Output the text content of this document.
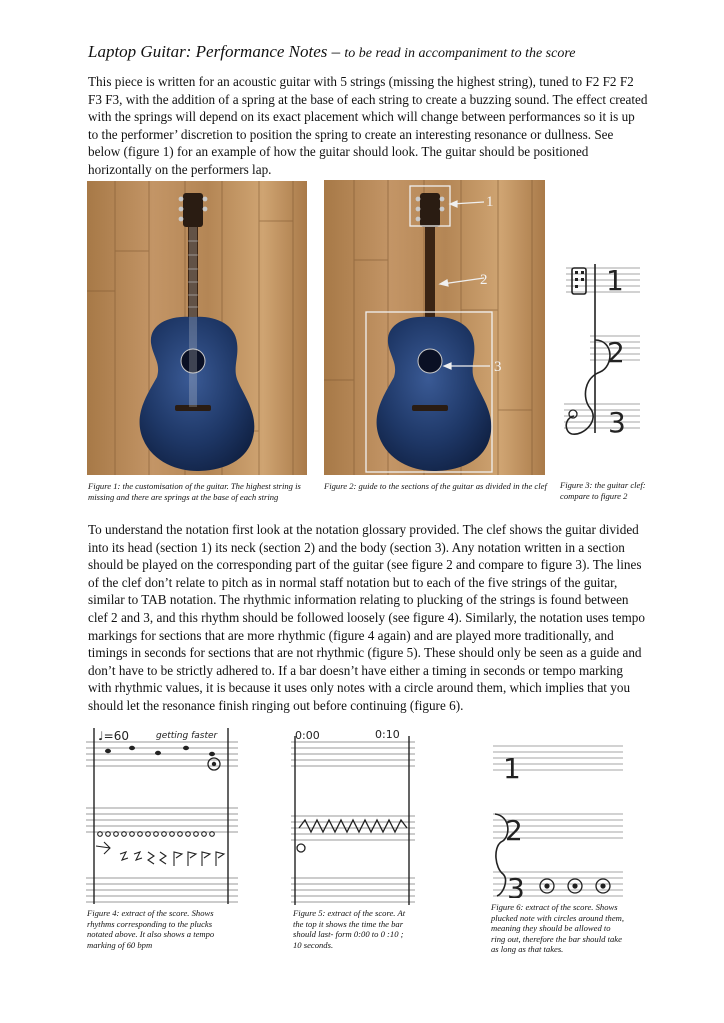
Laptop Guitar: Performance Notes – to be read in accompaniment to the score

This piece is written for an acoustic guitar with 5 strings (missing the highest string), tuned to F2 F2 F2 F3 F3, with the addition of a spring at the base of each string to create a buzzing sound. The effect created with the springs will depend on its exact placement which will change between performances so it is up to the performer’ discretion to position the spring to create an interesting resonance or dullness. See below (figure 1) for an example of how the guitar should look. The guitar should be positioned horizontally on the performers lap.

1
2
3
1
2
3

Figure 1: the customisation of the guitar. The highest string is missing and there are springs at the base of each string

Figure 2: guide to the sections of the guitar as divided in the clef Figure 3: the guitar clef: compare to figure 2

To understand the notation first look at the notation glossary provided. The clef shows the guitar divided into its head (section 1) its neck (section 2) and the body (section 3). Any notation written in a section should be played on the corresponding part of the guitar (see figure 2 and compare to figure 3). The lines of the clef don’t relate to pitch as in normal staff notation but to each of the five strings of the guitar, similar to TAB notation. The rhythmic information relating to plucking of the strings is found between clef 2 and 3, and this rhythm should be followed loosely (see figure 4). Similarly, the notation uses tempo markings for sections that are more rhythmic (figure 4 again) and are played more traditionally, and timings in seconds for sections that are not rhythmic (figure 5). These should only be seen as a guide and don’t have to be strictly adhered to. If a bar doesn’t have either a timing in seconds or tempo marking with rhythmic values, it is because it uses only notes with a circle around them, which implies that you should let the resonance finish ringing out before continuing (figure 6).

♩=60	getting faster	0:00	0:10
1
2
3

Figure 4: extract of the score. Shows rhythms corresponding to the plucks notated above. It also shows a tempo marking of 60 bpm

Figure 5: extract of the score. At the top it shows the time the bar should last- form 0:00 to 0 :10 ; 10 seconds.

Figure 6: extract of the score. Shows plucked note with circles around them, meaning they should be allowed to ring out, therefore the bar should take as long as that takes.
